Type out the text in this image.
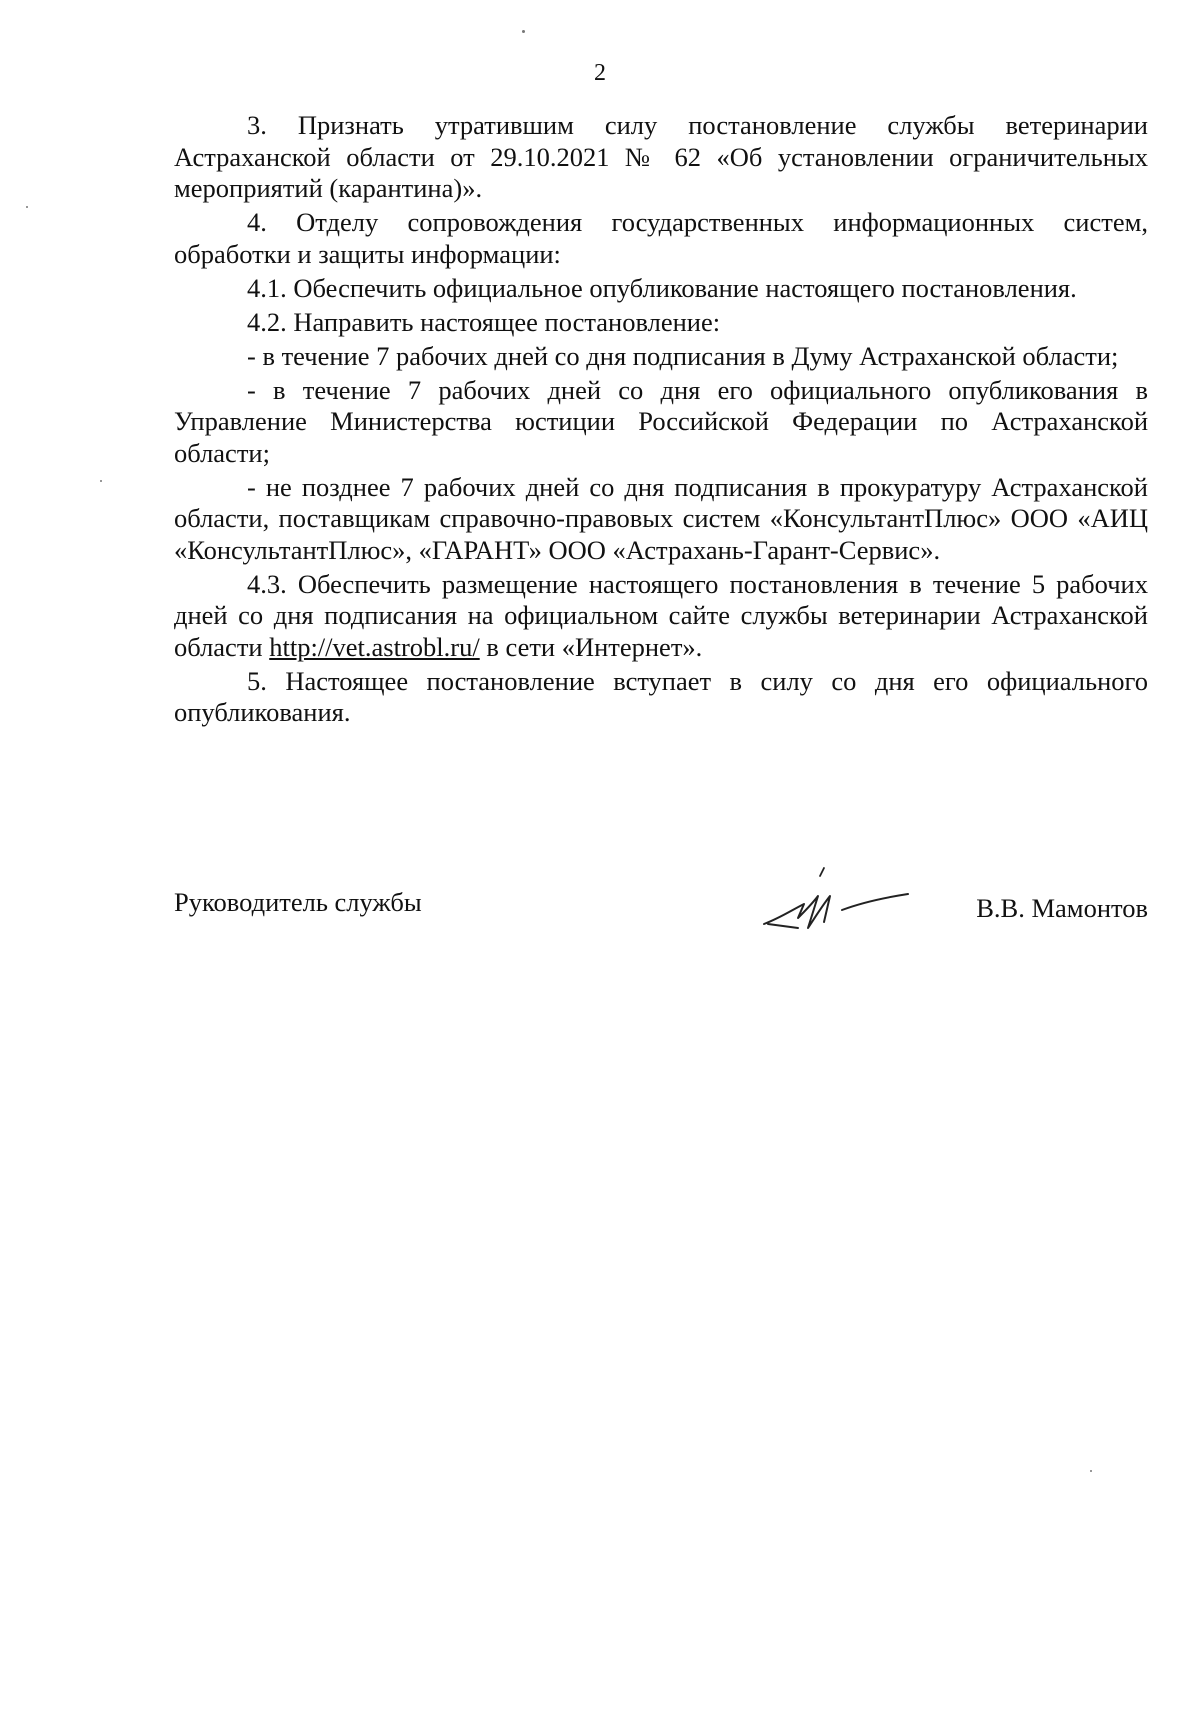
2

3. Признать утратившим силу постановление службы ветеринарии Астраханской области от 29.10.2021 № 62 «Об установлении ограничительных мероприятий (карантина)».

4. Отделу сопровождения государственных информационных систем, обработки и защиты информации:

4.1. Обеспечить официальное опубликование настоящего постановления.

4.2. Направить настоящее постановление:

- в течение 7 рабочих дней со дня подписания в Думу Астраханской области;

- в течение 7 рабочих дней со дня его официального опубликования в Управление Министерства юстиции Российской Федерации по Астраханской области;

- не позднее 7 рабочих дней со дня подписания в прокуратуру Астраханской области, поставщикам справочно-правовых систем «КонсультантПлюс» ООО «АИЦ «КонсультантПлюс», «ГАРАНТ» ООО «Астрахань-Гарант-Сервис».

4.3. Обеспечить размещение настоящего постановления в течение 5 рабочих дней со дня подписания на официальном сайте службы ветеринарии Астраханской области http://vet.astrobl.ru/ в сети «Интернет».

5. Настоящее постановление вступает в силу со дня его официального опубликования.

Руководитель службы	В.В. Мамонтов
